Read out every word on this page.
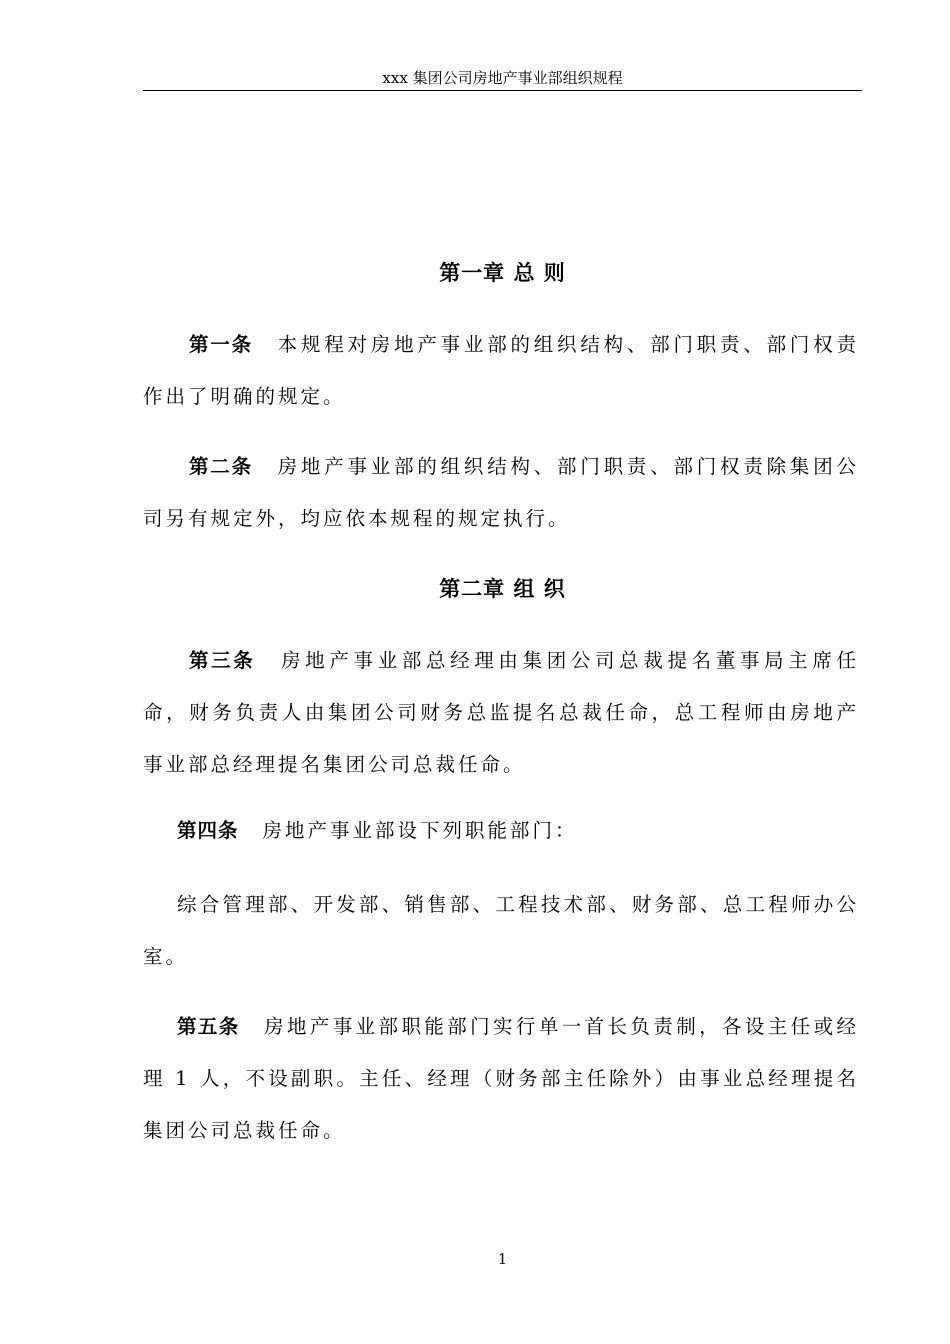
xxx 集团公司房地产事业部组织规程
第一章 总 则
第一条 本规程对房地产事业部的组织结构、部门职责、部门权责作出了明确的规定。
第二条 房地产事业部的组织结构、部门职责、部门权责除集团公司另有规定外，均应依本规程的规定执行。
第二章 组 织
第三条 房地产事业部总经理由集团公司总裁提名董事局主席任命，财务负责人由集团公司财务总监提名总裁任命，总工程师由房地产事业部总经理提名集团公司总裁任命。
第四条 房地产事业部设下列职能部门：
综合管理部、开发部、销售部、工程技术部、财务部、总工程师办公室。
第五条 房地产事业部职能部门实行单一首长负责制，各设主任或经理 1 人，不设副职。主任、经理（财务部主任除外）由事业总经理提名集团公司总裁任命。
1
